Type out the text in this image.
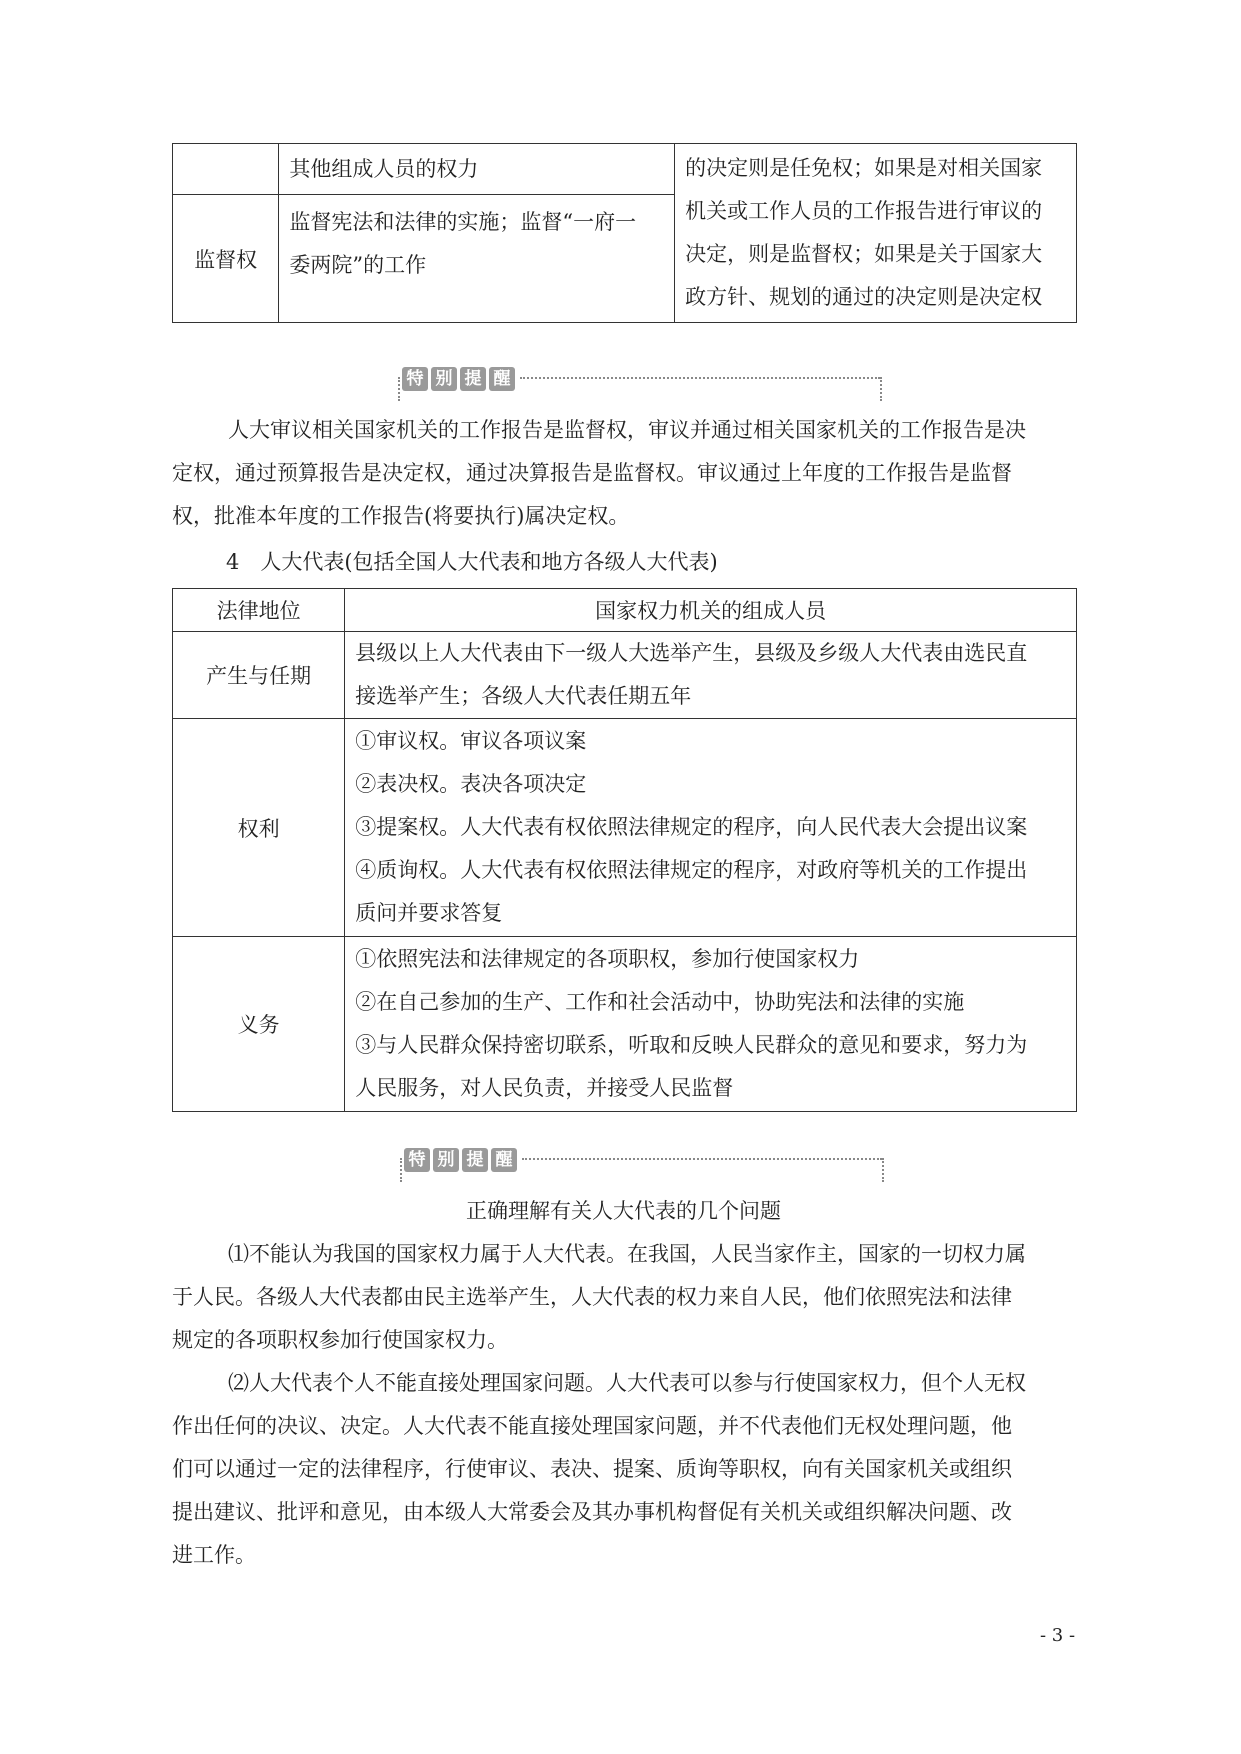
	其他组成人员的权力	的决定则是任免权；如果是对相关国家
机关或工作人员的工作报告进行审议的
决定，则是监督权；如果是关于国家大
政方针、规划的通过的决定则是决定权

监督权	监督宪法和法律的实施；监督“一府一
委两院”的工作	
特 别 提 醒
人大审议相关国家机关的工作报告是监督权，审议并通过相关国家机关的工作报告是决
定权，通过预算报告是决定权，通过决算报告是监督权。审议通过上年度的工作报告是监督
权，批准本年度的工作报告(将要执行)属决定权。
4　人大代表(包括全国人大代表和地方各级人大代表)
法律地位	国家权力机关的组成人员
产生与任期	县级以上人大代表由下一级人大选举产生，县级及乡级人大代表由选民直
接选举产生；各级人大代表任期五年

权利	①审议权。审议各项议案
②表决权。表决各项决定
③提案权。人大代表有权依照法律规定的程序，向人民代表大会提出议案
④质询权。人大代表有权依照法律规定的程序，对政府等机关的工作提出
质问并要求答复

义务	①依照宪法和法律规定的各项职权，参加行使国家权力
②在自己参加的生产、工作和社会活动中，协助宪法和法律的实施
③与人民群众保持密切联系，听取和反映人民群众的意见和要求，努力为
人民服务，对人民负责，并接受人民监督
特 别 提 醒
正确理解有关人大代表的几个问题
⑴不能认为我国的国家权力属于人大代表。在我国，人民当家作主，国家的一切权力属
于人民。各级人大代表都由民主选举产生，人大代表的权力来自人民，他们依照宪法和法律
规定的各项职权参加行使国家权力。
⑵人大代表个人不能直接处理国家问题。人大代表可以参与行使国家权力，但个人无权
作出任何的决议、决定。人大代表不能直接处理国家问题，并不代表他们无权处理问题，他
们可以通过一定的法律程序，行使审议、表决、提案、质询等职权，向有关国家机关或组织
提出建议、批评和意见，由本级人大常委会及其办事机构督促有关机关或组织解决问题、改
进工作。
- 3 -
